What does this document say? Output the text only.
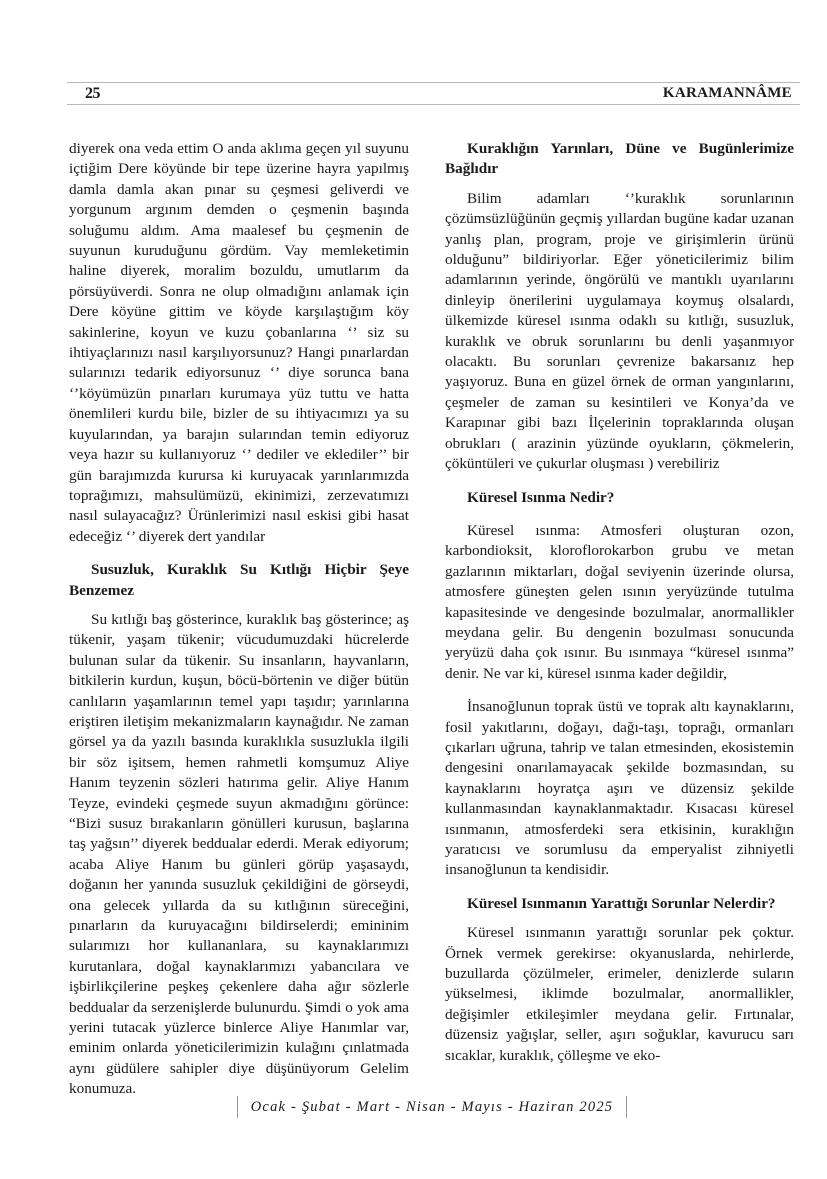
25	KARAMANNÂME

diyerek ona veda ettim O anda aklıma geçen yıl suyunu içtiğim Dere köyünde bir tepe üzerine hayra yapılmış damla damla akan pınar su çeşmesi geliverdi ve yorgunum argınım demden o çeşmenin başında soluğumu aldım. Ama maalesef bu çeşmenin de suyunun kuruduğunu gördüm. Vay memleketimin haline diyerek, moralim bozuldu, umutlarım da pörsüyüverdi. Sonra ne olup olmadığını anlamak için Dere köyüne gittim ve köyde karşılaştığım köy sakinlerine, koyun ve kuzu çobanlarına ‘’ siz su ihtiyaçlarınızı nasıl karşılıyorsunuz? Hangi pınarlardan sularınızı tedarik ediyorsunuz ‘’ diye sorunca bana ‘’köyümüzün pınarları kurumaya yüz tuttu ve hatta önemlileri kurdu bile, bizler de su ihtiyacımızı ya su kuyularından, ya barajın sularından temin ediyoruz veya hazır su kullanıyoruz ‘’ dediler ve eklediler’’ bir gün barajımızda kurursa ki kuruyacak yarınlarımızda toprağımızı, mahsulümüzü, ekinimizi, zerzevatımızı nasıl sulayacağız? Ürünlerimizi nasıl eskisi gibi hasat edeceğiz ‘’ diyerek dert yandılar

Susuzluk, Kuraklık Su Kıtlığı Hiçbir Şeye Benzemez

Su kıtlığı baş gösterince, kuraklık baş gösterince; aş tükenir, yaşam tükenir; vücudumuzdaki hücrelerde bulunan sular da tükenir. Su insanların, hayvanların, bitkilerin kurdun, kuşun, böcü-börtenin ve diğer bütün canlıların yaşamlarının temel yapı taşıdır; yarınlarına eriştiren iletişim mekanizmaların kaynağıdır. Ne zaman görsel ya da yazılı basında kuraklıkla susuzlukla ilgili bir söz işitsem, hemen rahmetli komşumuz Aliye Hanım teyzenin sözleri hatırıma gelir. Aliye Hanım Teyze, evindeki çeşmede suyun akmadığını görünce: “Bizi susuz bırakanların gönülleri kurusun, başlarına taş yağsın’’ diyerek beddualar ederdi. Merak ediyorum; acaba Aliye Hanım bu günleri görüp yaşasaydı, doğanın her yanında susuzluk çekildiğini de görseydi, ona gelecek yıllarda da su kıtlığının süreceğini, pınarların da kuruyacağını bildirselerdi; emininim sularımızı hor kullananlara, su kaynaklarımızı kurutanlara, doğal kaynaklarımızı yabancılara ve işbirlikçilerine peşkeş çekenlere daha ağır sözlerle beddualar da serzenişlerde bulunurdu. Şimdi o yok ama yerini tutacak yüzlerce binlerce Aliye Hanımlar var, eminim onlarda yöneticilerimizin kulağını çınlatmada aynı güdülere sahipler diye düşünüyorum Gelelim konumuza.

Kuraklığın Yarınları, Düne ve Bugünlerimize Bağlıdır

Bilim adamları ‘’kuraklık sorunlarının çözümsüzlüğünün geçmiş yıllardan bugüne kadar uzanan yanlış plan, program, proje ve girişimlerin ürünü olduğunu” bildiriyorlar. Eğer yöneticilerimiz bilim adamlarının yerinde, öngörülü ve mantıklı uyarılarını dinleyip önerilerini uygulamaya koymuş olsalardı, ülkemizde küresel ısınma odaklı su kıtlığı, susuzluk, kuraklık ve obruk sorunlarını bu denli yaşanmıyor olacaktı. Bu sorunları çevrenize bakarsanız hep yaşıyoruz. Buna en güzel örnek de orman yangınlarını, çeşmeler de zaman su kesintileri ve Konya’da ve Karapınar gibi bazı İlçelerinin topraklarında oluşan obrukları ( arazinin yüzünde oyukların, çökmelerin, çöküntüleri ve çukurlar oluşması ) verebiliriz

Küresel Isınma Nedir?

Küresel ısınma: Atmosferi oluşturan ozon, karbondioksit, kloroflorokarbon grubu ve metan gazlarının miktarları, doğal seviyenin üzerinde olursa, atmosfere güneşten gelen ısının yeryüzünde tutulma kapasitesinde ve dengesinde bozulmalar, anormallikler meydana gelir. Bu dengenin bozulması sonucunda yeryüzü daha çok ısınır. Bu ısınmaya “küresel ısınma” denir. Ne var ki, küresel ısınma kader değildir,

İnsanoğlunun toprak üstü ve toprak altı kaynaklarını, fosil yakıtlarını, doğayı, dağı-taşı, toprağı, ormanları çıkarları uğruna, tahrip ve talan etmesinden, ekosistemin dengesini onarılamayacak şekilde bozmasından, su kaynaklarını hoyratça aşırı ve düzensiz şekilde kullanmasından kaynaklanmaktadır. Kısacası küresel ısınmanın, atmosferdeki sera etkisinin, kuraklığın yaratıcısı ve sorumlusu da emperyalist zihniyetli insanoğlunun ta kendisidir.

Küresel Isınmanın Yarattığı Sorunlar Nelerdir?

Küresel ısınmanın yarattığı sorunlar pek çoktur. Örnek vermek gerekirse: okyanuslarda, nehirlerde, buzullarda çözülmeler, erimeler, denizlerde suların yükselmesi, iklimde bozulmalar, anormallikler, değişimler etkileşimler meydana gelir. Fırtınalar, düzensiz yağışlar, seller, aşırı soğuklar, kavurucu sarı sıcaklar, kuraklık, çölleşme ve eko-

Ocak - Şubat - Mart - Nisan - Mayıs - Haziran 2025
